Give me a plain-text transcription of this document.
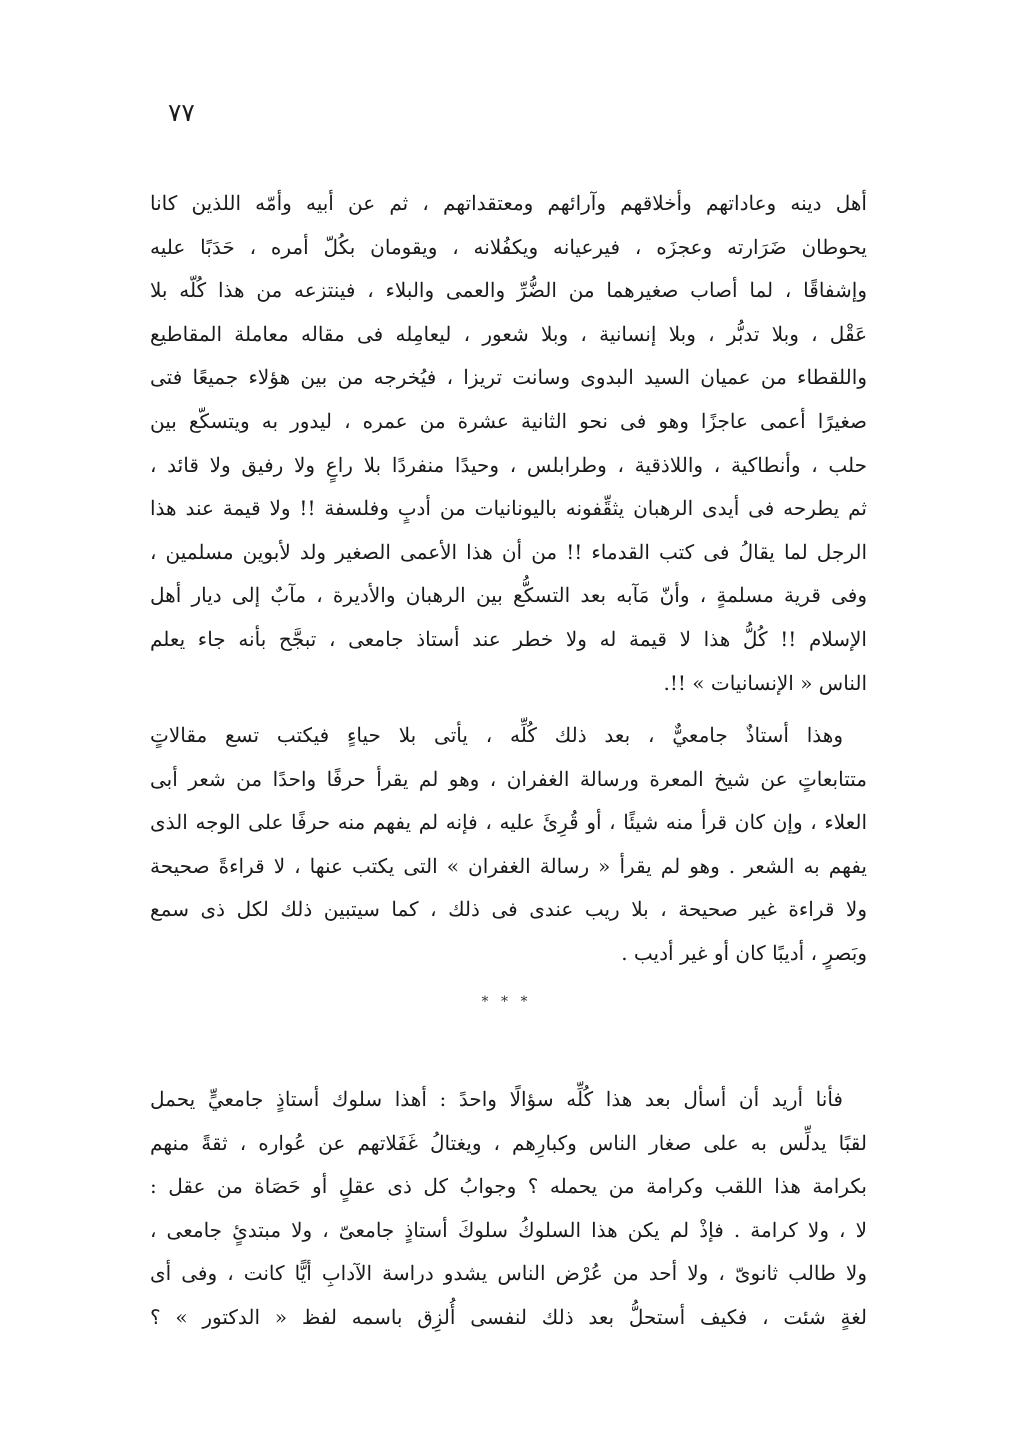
٧٧
أهل دينه وعاداتهم وأخلاقهم وآرائهم ومعتقداتهم ، ثم عن أبيه وأمّه اللذين كانا
يحوطان ضَرَارته وعجزَه ، فيرعيانه ويكفُلانه ، ويقومان بكُلّ أمره ، حَدَبًا عليه
وإشفاقًا ، لما أصاب صغيرهما من الضُّرِّ والعمى والبلاء ، فينتزعه من هذا كُلّه بلا
عَقْل ، وبلا تدبُّر ، وبلا إنسانية ، وبلا شعور ، ليعامِله فى مقاله معاملة المقاطيع
واللقطاء من عميان السيد البدوى وسانت تريزا ، فيُخرجه من بين هؤلاء جميعًا فتى
صغيرًا أعمى عاجزًا وهو فى نحو الثانية عشرة من عمره ، ليدور به ويتسكّع بين
حلب ، وأنطاكية ، واللاذقية ، وطرابلس ، وحيدًا منفردًا بلا راعٍ ولا رفيق ولا قائد ،
ثم يطرحه فى أيدى الرهبان يثقِّفونه باليونانيات من أدبٍ وفلسفة !! ولا قيمة عند هذا
الرجل لما يقالُ فى كتب القدماء !! من أن هذا الأعمى الصغير ولد لأبوين مسلمين ،
وفى قرية مسلمةٍ ، وأنّ مَآبه بعد التسكُّع بين الرهبان والأديرة ، مآبٌ إلى ديار أهل
الإسلام !! كُلُّ هذا لا قيمة له ولا خطر عند أستاذ جامعى ، تبجَّح بأنه جاء يعلم
الناس « الإنسانيات » !!.
وهذا أستاذٌ جامعيٌّ ، بعد ذلك كُلِّه ، يأتى بلا حياءٍ فيكتب تسع مقالاتٍ
متتابعاتٍ عن شيخ المعرة ورسالة الغفران ، وهو لم يقرأ حرفًا واحدًا من شعر أبى
العلاء ، وإن كان قرأ منه شيئًا ، أو قُرِئَ عليه ، فإنه لم يفهم منه حرفًا على الوجه الذى
يفهم به الشعر . وهو لم يقرأ « رسالة الغفران » التى يكتب عنها ، لا قراءةً صحيحة
ولا قراءة غير صحيحة ، بلا ريب عندى فى ذلك ، كما سيتبين ذلك لكل ذى سمع
وبَصرٍ ، أديبًا كان أو غير أديب .
* * *
فأنا أريد أن أسأل بعد هذا كُلِّه سؤالًا واحدً : أهذا سلوك أستاذٍ جامعيٍّ يحمل
لقبًا يدلِّس به على صغار الناس وكبارِهم ، ويغتالُ غَفَلاتهم عن عُواره ، ثقةً منهم
بكرامة هذا اللقب وكرامة من يحمله ؟ وجوابُ كل ذى عقلٍ أو حَصَاة من عقل :
لا ، ولا كرامة . فإذْ لم يكن هذا السلوكُ سلوكَ أستاذٍ جامعىّ ، ولا مبتدئٍ جامعى ،
ولا طالب ثانوىّ ، ولا أحد من عُرْض الناس يشدو دراسة الآدابِ أيًّا كانت ، وفى أى
لغةٍ شئت ، فكيف أستحلُّ بعد ذلك لنفسى أُلزِق باسمه لفظ « الدكتور » ؟
